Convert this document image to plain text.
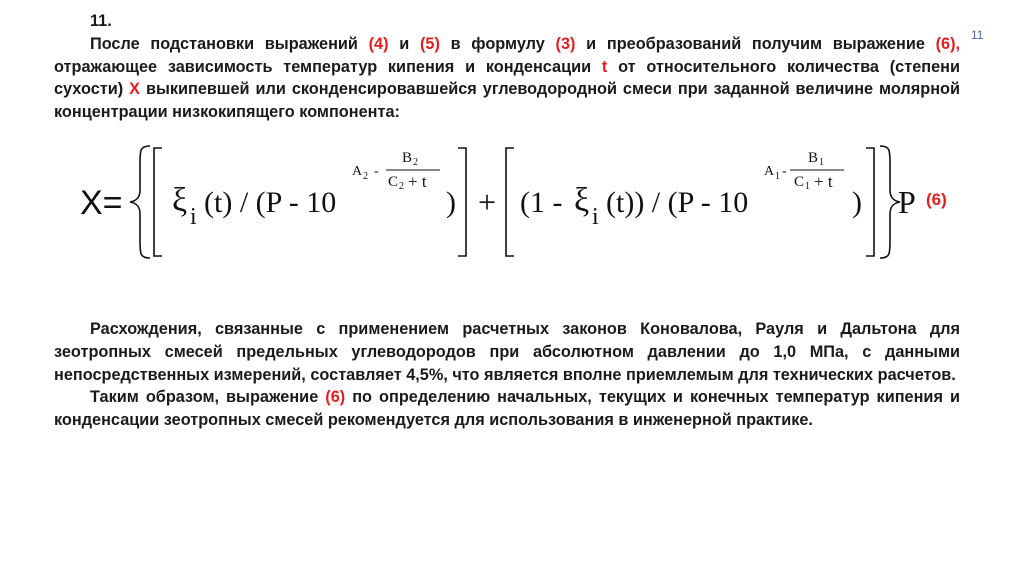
11

11.

После подстановки выражений (4) и (5) в формулу (3) и преобразований получим выражение (6), отражающее зависимость температур кипения и конденсации t от относительного количества (степени сухости) X выкипевшей или сконденсировавшейся углеводородной смеси при заданной величине молярной концентрации низкокипящего компонента:

X= ξ i (t) / (P - 10
A 2 -
B 2
C 2 + t
) + (1 - ξ i (t)) / (P - 10
A 1 -
B 1
C 1 + t
) P (6)

Расхождения, связанные с применением расчетных законов Коновалова, Рауля и Дальтона для зеотропных смесей предельных углеводородов при абсолютном давлении до 1,0 МПа, с данными непосредственных измерений, составляет 4,5%, что является вполне приемлемым для технических расчетов.

Таким образом, выражение (6) по определению начальных, текущих и конечных температур кипения и конденсации зеотропных смесей рекомендуется для использования в инженерной практике.
